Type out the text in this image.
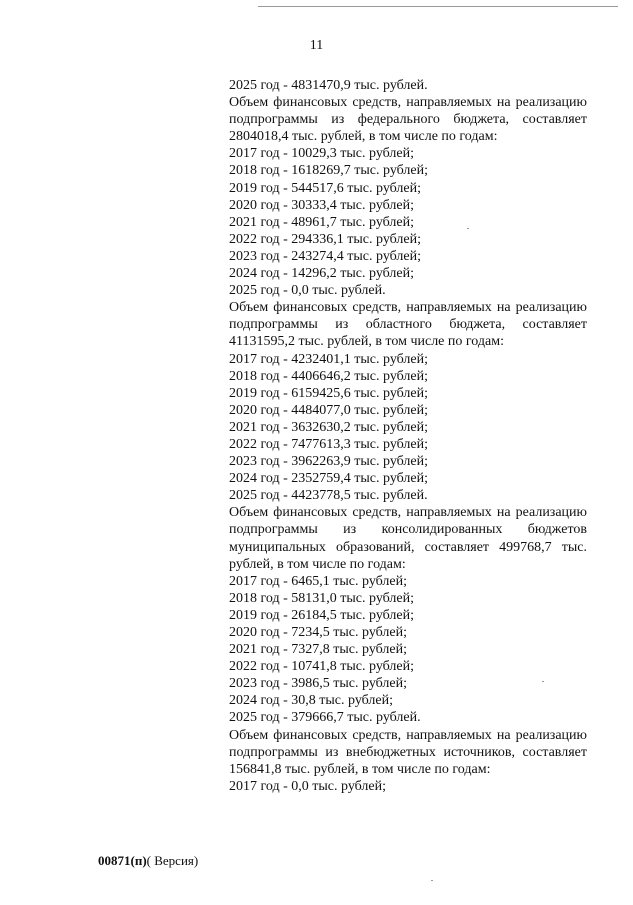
11
2025 год - 4831470,9 тыс. рублей.
Объем финансовых средств, направляемых на реализацию подпрограммы из федерального бюджета, составляет 2804018,4 тыс. рублей, в том числе по годам:
2017 год - 10029,3 тыс. рублей;
2018 год - 1618269,7 тыс. рублей;
2019 год - 544517,6 тыс. рублей;
2020 год - 30333,4 тыс. рублей;
2021 год - 48961,7 тыс. рублей;
2022 год - 294336,1 тыс. рублей;
2023 год - 243274,4 тыс. рублей;
2024 год - 14296,2 тыс. рублей;
2025 год - 0,0 тыс. рублей.
Объем финансовых средств, направляемых на реализацию подпрограммы из областного бюджета, составляет 41131595,2 тыс. рублей, в том числе по годам:
2017 год - 4232401,1 тыс. рублей;
2018 год - 4406646,2 тыс. рублей;
2019 год - 6159425,6 тыс. рублей;
2020 год - 4484077,0 тыс. рублей;
2021 год - 3632630,2 тыс. рублей;
2022 год - 7477613,3 тыс. рублей;
2023 год - 3962263,9 тыс. рублей;
2024 год - 2352759,4 тыс. рублей;
2025 год - 4423778,5 тыс. рублей.
Объем финансовых средств, направляемых на реализацию подпрограммы из консолидированных бюджетов муниципальных образований, составляет 499768,7 тыс. рублей, в том числе по годам:
2017 год - 6465,1 тыс. рублей;
2018 год - 58131,0 тыс. рублей;
2019 год - 26184,5 тыс. рублей;
2020 год - 7234,5 тыс. рублей;
2021 год - 7327,8 тыс. рублей;
2022 год - 10741,8 тыс. рублей;
2023 год - 3986,5 тыс. рублей;
2024 год - 30,8 тыс. рублей;
2025 год - 379666,7 тыс. рублей.
Объем финансовых средств, направляемых на реализацию подпрограммы из внебюджетных источников, составляет 156841,8 тыс. рублей, в том числе по годам:
2017 год - 0,0 тыс. рублей;
00871(п)( Версия)
